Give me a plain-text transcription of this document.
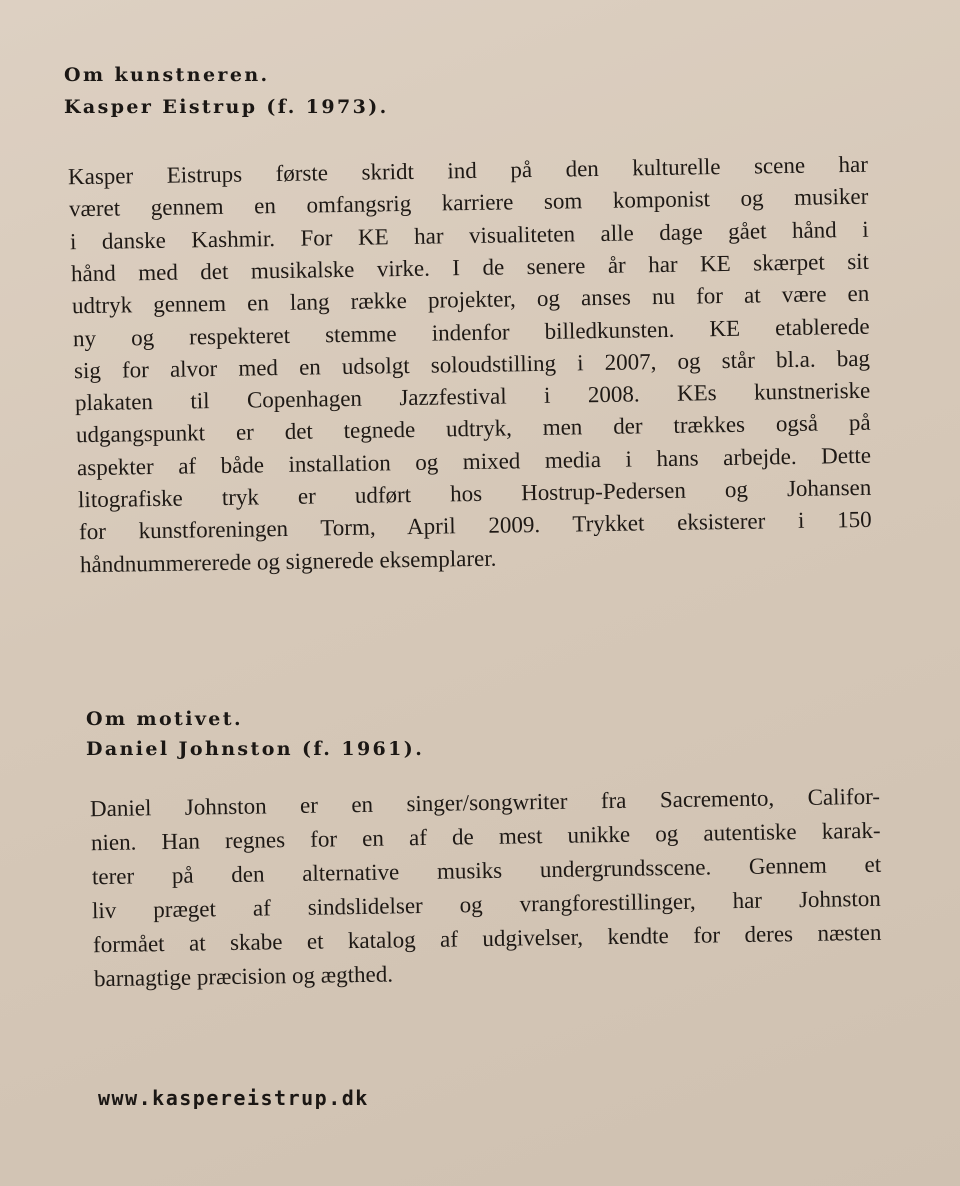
Om kunstneren.
Kasper Eistrup (f. 1973).
Kasper Eistrups første skridt ind på den kulturelle scene har
været gennem en omfangsrig karriere som komponist og musiker
i danske Kashmir. For KE har visualiteten alle dage gået hånd i
hånd med det musikalske virke. I de senere år har KE skærpet sit
udtryk gennem en lang række projekter, og anses nu for at være en
ny og respekteret stemme indenfor billedkunsten. KE etablerede
sig for alvor med en udsolgt soloudstilling i 2007, og står bl.a. bag
plakaten til Copenhagen Jazzfestival i 2008. KEs kunstneriske
udgangspunkt er det tegnede udtryk, men der trækkes også på
aspekter af både installation og mixed media i hans arbejde. Dette
litografiske tryk er udført hos Hostrup-Pedersen og Johansen
for kunstforeningen Torm, April 2009. Trykket eksisterer i 150
håndnummererede og signerede eksemplarer.
Om motivet.
Daniel Johnston (f. 1961).
Daniel Johnston er en singer/songwriter fra Sacremento, Califor-
nien. Han regnes for en af de mest unikke og autentiske karak-
terer på den alternative musiks undergrundsscene. Gennem et
liv præget af sindslidelser og vrangforestillinger, har Johnston
formået at skabe et katalog af udgivelser, kendte for deres næsten
barnagtige præcision og ægthed.
www.kaspereistrup.dk
